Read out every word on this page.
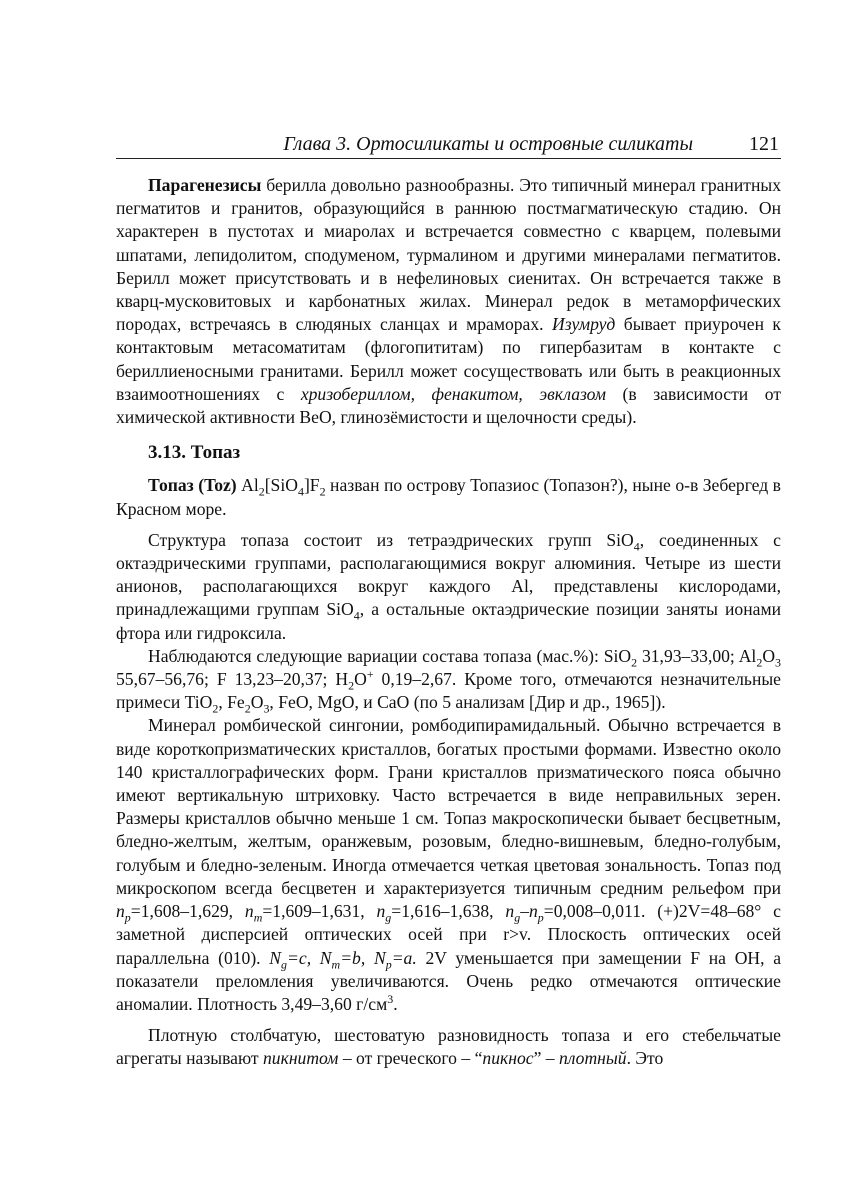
Глава 3. Ортосиликаты и островные силикаты	121

Парагенезисы берилла довольно разнообразны. Это типичный минерал гранитных пегматитов и гранитов, образующийся в раннюю постмагматическую стадию. Он характерен в пустотах и миаролах и встречается совместно с кварцем, полевыми шпатами, лепидолитом, сподуменом, турмалином и другими минералами пегматитов. Берилл может присутствовать и в нефелиновых сиенитах. Он встречается также в кварц-мусковитовых и карбонатных жилах. Минерал редок в метаморфических породах, встречаясь в слюдяных сланцах и мраморах. Изумруд бывает приурочен к контактовым метасоматитам (флогопититам) по гипербазитам в контакте с бериллиеносными гранитами. Берилл может сосуществовать или быть в реакционных взаимоотношениях с хризобериллом, фенакитом, эвклазом (в зависимости от химической активности BeO, глинозёмистости и щелочности среды).

3.13. Топаз

Топаз (Toz) $Al_2[SiO_4]F_2$ назван по острову Топазиос (Топазон?), ныне о-в Зебергед в Красном море.

Структура топаза состоит из тетраэдрических групп SiO$_4$, соединенных с октаэдрическими группами, располагающимися вокруг алюминия. Четыре из шести анионов, располагающихся вокруг каждого Al, представлены кислородами, принадлежащими группам SiO$_4$, а остальные октаэдрические позиции заняты ионами фтора или гидроксила.

Наблюдаются следующие вариации состава топаза (мас.%): SiO$_2$ 31,93–33,00; $Al_2O_3$ 55,67–56,76; F 13,23–20,37; $H_2O^+$ 0,19–2,67. Кроме того, отмечаются незначительные примеси TiO$_2$, $Fe_2O_3$, FeO, MgO, и CaO (по 5 анализам [Дир и др., 1965]).

Минерал ромбической сингонии, ромбодипирамидальный. Обычно встречается в виде короткопризматических кристаллов, богатых простыми формами. Известно около 140 кристаллографических форм. Грани кристаллов призматического пояса обычно имеют вертикальную штриховку. Часто встречается в виде неправильных зерен. Размеры кристаллов обычно меньше 1 см. Топаз макроскопически бывает бесцветным, бледно-желтым, желтым, оранжевым, розовым, бледно-вишневым, бледно-голубым, голубым и бледно-зеленым. Иногда отмечается четкая цветовая зональность. Топаз под микроскопом всегда бесцветен и характеризуется типичным средним рельефом при $n_p=1,608-1,629$, $n_m=1,609-1,631$, $n_g=1,616-1,638$, $n_g-n_p=0,008-0,011$. (+)2V=48–68° с заметной дисперсией оптических осей при r>v. Плоскость оптических осей параллельна (010). $N_g=c$, $N_m=b$, $N_p=a$. 2V уменьшается при замещении F на OH, а показатели преломления увеличиваются. Очень редко отмечаются оптические аномалии. Плотность 3,49–3,60 $г/см^3$.

Плотную столбчатую, шестоватую разновидность топаза и его стебельчатые агрегаты называют пикнитом – от греческого – “пикнос” – плотный. Это
